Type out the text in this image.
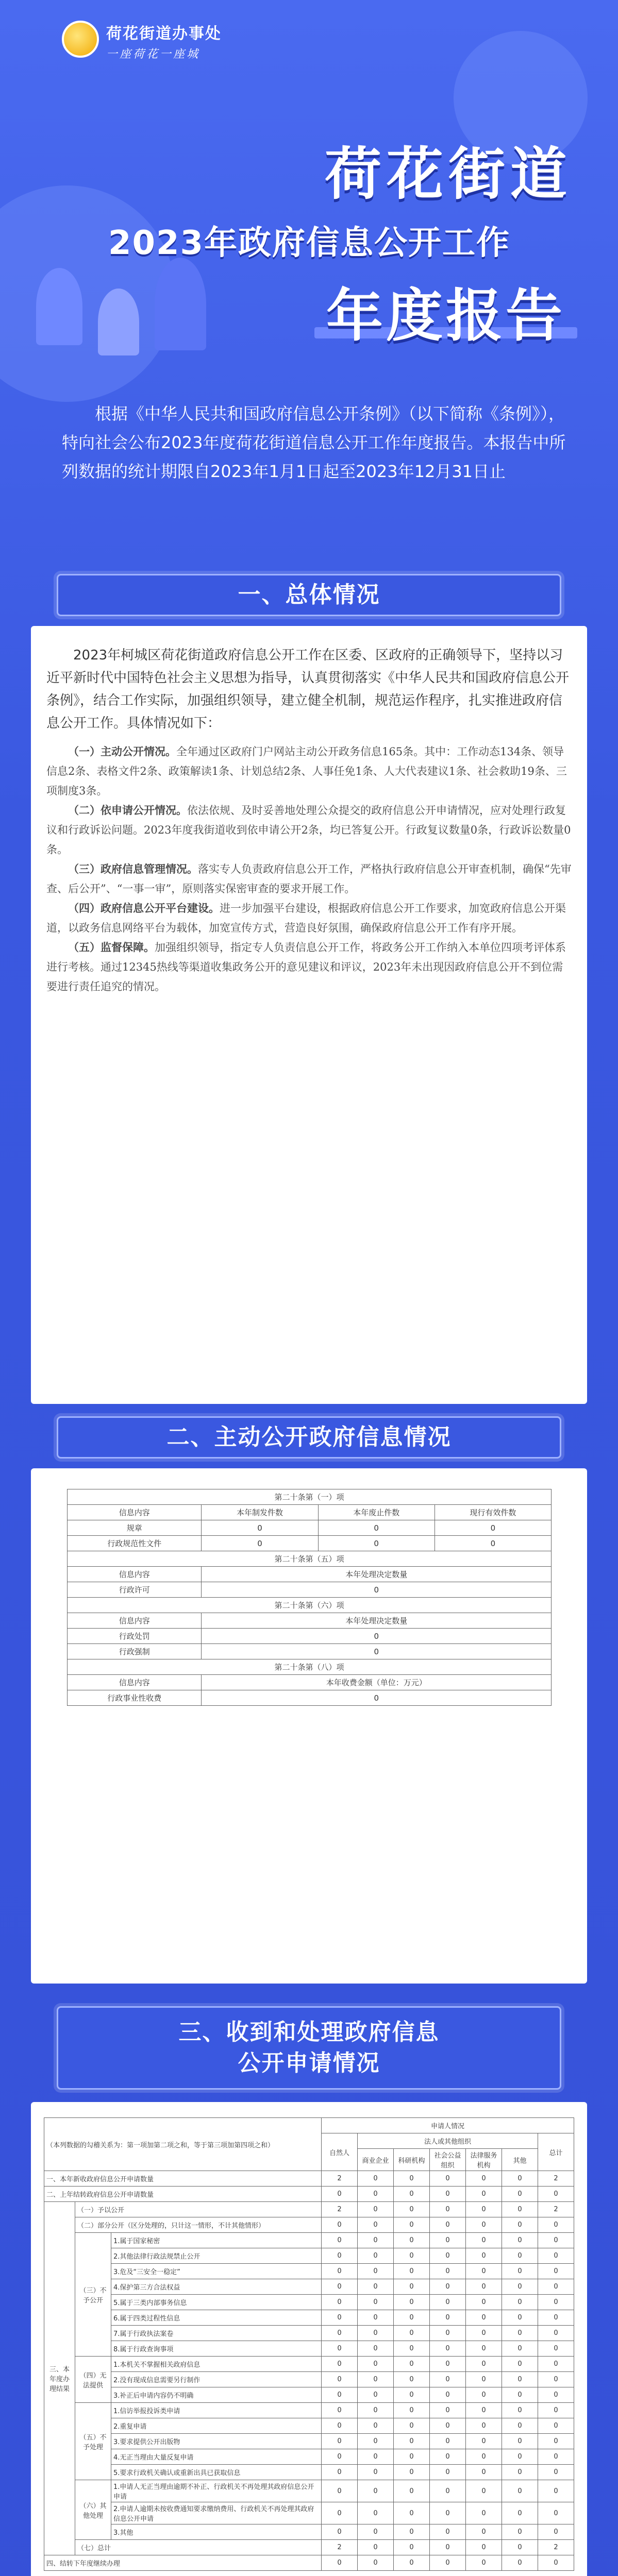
荷花街道办事处
一座荷花一座城
荷花街道
2023年政府信息公开工作
年度报告
根据《中华人民共和国政府信息公开条例》（以下简称《条例》），特向社会公布2023年度荷花街道信息公开工作年度报告。本报告中所列数据的统计期限自2023年1月1日起至2023年12月31日止
一、总体情况

2023年柯城区荷花街道政府信息公开工作在区委、区政府的正确领导下，坚持以习近平新时代中国特色社会主义思想为指导，认真贯彻落实《中华人民共和国政府信息公开条例》，结合工作实际，加强组织领导，建立健全机制，规范运作程序，扎实推进政府信息公开工作。具体情况如下：

（一）主动公开情况。全年通过区政府门户网站主动公开政务信息165条。其中：工作动态134条、领导信息2条、表格文件2条、政策解读1条、计划总结2条、人事任免1条、人大代表建议1条、社会救助19条、三项制度3条。

（二）依申请公开情况。依法依规、及时妥善地处理公众提交的政府信息公开申请情况，应对处理行政复议和行政诉讼问题。2023年度我街道收到依申请公开2条，均已答复公开。行政复议数量0条，行政诉讼数量0条。

（三）政府信息管理情况。落实专人负责政府信息公开工作，严格执行政府信息公开审查机制，确保“先审查、后公开”、“一事一审”，原则落实保密审查的要求开展工作。

（四）政府信息公开平台建设。进一步加强平台建设，根据政府信息公开工作要求，加宽政府信息公开渠道，以政务信息网络平台为载体，加宽宣传方式，营造良好氛围，确保政府信息公开工作有序开展。

（五）监督保障。加强组织领导，指定专人负责信息公开工作，将政务公开工作纳入本单位四项考评体系进行考核。通过12345热线等渠道收集政务公开的意见建议和评议，2023年未出现因政府信息公开不到位需要进行责任追究的情况。

二、主动公开政府信息情况
第二十条第（一）项			
信息内容	本年制发件数	本年废止件数	现行有效件数
规章	0	0	0
行政规范性文件	0	0	0
第二十条第（五）项			
信息内容	本年处理决定数量		
行政许可	0		
第二十条第（六）项			
信息内容	本年处理决定数量		
行政处罚	0		
行政强制	0		
第二十条第（八）项			
信息内容	本年收费金额（单位：万元）		
行政事业性收费	0		
三、收到和处理政府信息
公开申请情况
（本列数据的勾稽关系为：第一项加第二项之和，等于第三项加第四项之和）			申请人情况						
			自然人	法人或其他组织					总计
				商业企业	科研机构	社会公益组织	法律服务机构	其他	
一、本年新收政府信息公开申请数量			2	0	0	0	0	0	2
二、上年结转政府信息公开申请数量			0	0	0	0	0	0	0
三、本年度办理结果	（一）予以公开		2	0	0	0	0	0	2
	（二）部分公开（区分处理的，只计这一情形，不计其他情形）		0	0	0	0	0	0	0
	（三）不予公开	1.属于国家秘密	0	0	0	0	0	0	0
		2.其他法律行政法规禁止公开	0	0	0	0	0	0	0
		3.危及“三安全一稳定”	0	0	0	0	0	0	0
		4.保护第三方合法权益	0	0	0	0	0	0	0
		5.属于三类内部事务信息	0	0	0	0	0	0	0
		6.属于四类过程性信息	0	0	0	0	0	0	0
		7.属于行政执法案卷	0	0	0	0	0	0	0
		8.属于行政查询事项	0	0	0	0	0	0	0
	（四）无法提供	1.本机关不掌握相关政府信息	0	0	0	0	0	0	0
		2.没有现成信息需要另行制作	0	0	0	0	0	0	0
		3.补正后申请内容仍不明确	0	0	0	0	0	0	0
	（五）不予处理	1.信访举报投诉类申请	0	0	0	0	0	0	0
		2.重复申请	0	0	0	0	0	0	0
		3.要求提供公开出版物	0	0	0	0	0	0	0
		4.无正当理由大量反复申请	0	0	0	0	0	0	0
		5.要求行政机关确认或重新出具已获取信息	0	0	0	0	0	0	0
	（六）其他处理	1.申请人无正当理由逾期不补正、行政机关不再处理其政府信息公开申请	0	0	0	0	0	0	0
		2.申请人逾期未按收费通知要求缴纳费用、行政机关不再处理其政府信息公开申请	0	0	0	0	0	0	0
		3.其他	0	0	0	0	0	0	0
	（七）总计		2	0	0	0	0	0	2
四、结转下年度继续办理			0	0	0	0	0	0	0
